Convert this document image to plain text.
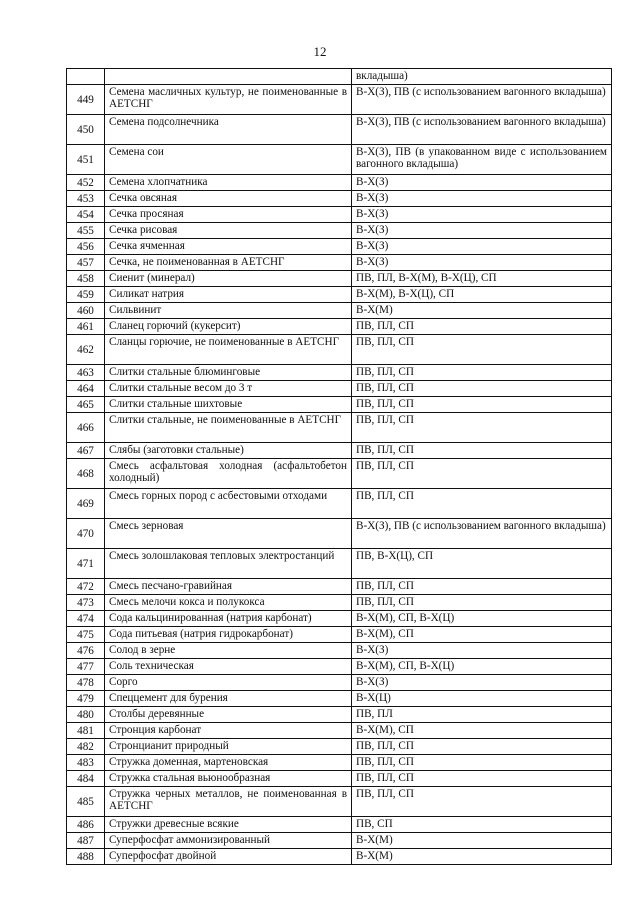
12
		вкладыша)
449	Семена масличных культур, не поименованные в АЕТСНГ	В-Х(З), ПВ (с использованием вагонного вкладыша)
450	Семена подсолнечника	В-Х(З), ПВ (с использованием вагонного вкладыша)
451	Семена сои	В-Х(З), ПВ (в упакованном виде с использованием вагонного вкладыша)
452	Семена хлопчатника	В-Х(З)
453	Сечка овсяная	В-Х(З)
454	Сечка просяная	В-Х(З)
455	Сечка рисовая	В-Х(З)
456	Сечка ячменная	В-Х(З)
457	Сечка, не поименованная в АЕТСНГ	В-Х(З)
458	Сиенит (минерал)	ПВ, ПЛ, В-Х(М), В-Х(Ц), СП
459	Силикат натрия	В-Х(М), В-Х(Ц), СП
460	Сильвинит	В-Х(М)
461	Сланец горючий (кукерсит)	ПВ, ПЛ, СП
462	Сланцы горючие, не поименованные в АЕТСНГ	ПВ, ПЛ, СП
463	Слитки стальные блюминговые	ПВ, ПЛ, СП
464	Слитки стальные весом до 3 т	ПВ, ПЛ, СП
465	Слитки стальные шихтовые	ПВ, ПЛ, СП
466	Слитки стальные, не поименованные в АЕТСНГ	ПВ, ПЛ, СП
467	Слябы (заготовки стальные)	ПВ, ПЛ, СП
468	Смесь асфальтовая холодная (асфальтобетон холодный)	ПВ, ПЛ, СП
469	Смесь горных пород с асбестовыми отходами	ПВ, ПЛ, СП
470	Смесь зерновая	В-Х(З), ПВ (с использованием вагонного вкладыша)
471	Смесь золошлаковая тепловых электростанций	ПВ, В-Х(Ц), СП
472	Смесь песчано-гравийная	ПВ, ПЛ, СП
473	Смесь мелочи кокса и полукокса	ПВ, ПЛ, СП
474	Сода кальцинированная (натрия карбонат)	В-Х(М), СП, В-Х(Ц)
475	Сода питьевая (натрия гидрокарбонат)	В-Х(М), СП
476	Солод в зерне	В-Х(З)
477	Соль техническая	В-Х(М), СП, В-Х(Ц)
478	Сорго	В-Х(З)
479	Спеццемент для бурения	В-Х(Ц)
480	Столбы деревянные	ПВ, ПЛ
481	Стронция карбонат	В-Х(М), СП
482	Стронцианит природный	ПВ, ПЛ, СП
483	Стружка доменная, мартеновская	ПВ, ПЛ, СП
484	Стружка стальная вьюнообразная	ПВ, ПЛ, СП
485	Стружка черных металлов, не поименованная в АЕТСНГ	ПВ, ПЛ, СП
486	Стружки древесные всякие	ПВ, СП
487	Суперфосфат аммонизированный	В-Х(М)
488	Суперфосфат двойной	В-Х(М)
